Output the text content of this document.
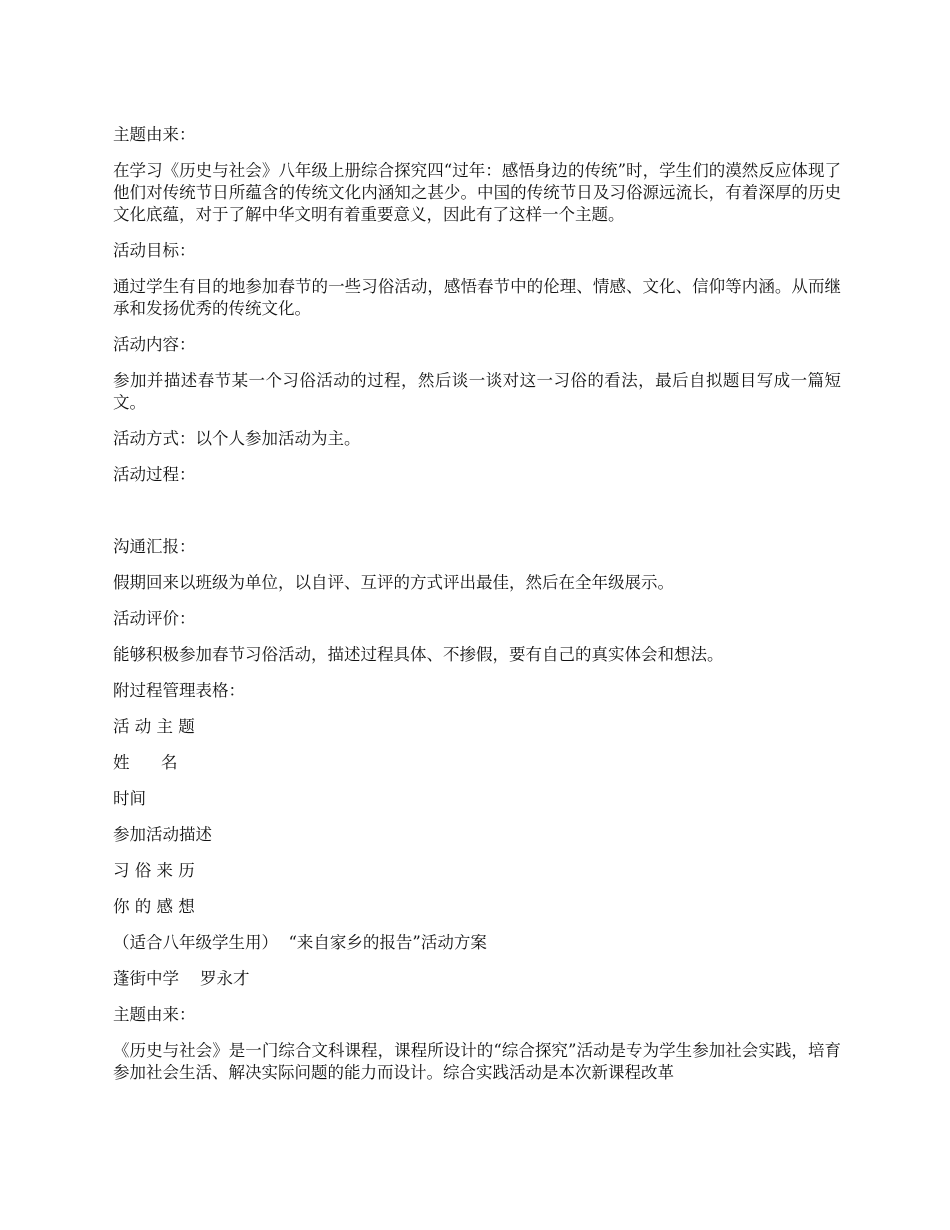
主题由来：

在学习《历史与社会》八年级上册综合探究四“过年：感悟身边的传统”时，学生们的漠然反应体现了他们对传统节日所蕴含的传统文化内涵知之甚少。中国的传统节日及习俗源远流长，有着深厚的历史文化底蕴，对于了解中华文明有着重要意义，因此有了这样一个主题。

活动目标：

通过学生有目的地参加春节的一些习俗活动，感悟春节中的伦理、情感、文化、信仰等内涵。从而继承和发扬优秀的传统文化。

活动内容：

参加并描述春节某一个习俗活动的过程，然后谈一谈对这一习俗的看法，最后自拟题目写成一篇短文。

活动方式：以个人参加活动为主。

活动过程：

沟通汇报：

假期回来以班级为单位，以自评、互评的方式评出最佳，然后在全年级展示。

活动评价：

能够积极参加春节习俗活动，描述过程具体、不掺假，要有自己的真实体会和想法。

附过程管理表格：

活 动 主 题

姓      名

时间

参加活动描述

习 俗 来 历

你 的 感 想

（适合八年级学生用）  “来自家乡的报告”活动方案

蓬街中学    罗永才

主题由来：

《历史与社会》是一门综合文科课程，课程所设计的“综合探究”活动是专为学生参加社会实践，培育参加社会生活、解决实际问题的能力而设计。综合实践活动是本次新课程改革
